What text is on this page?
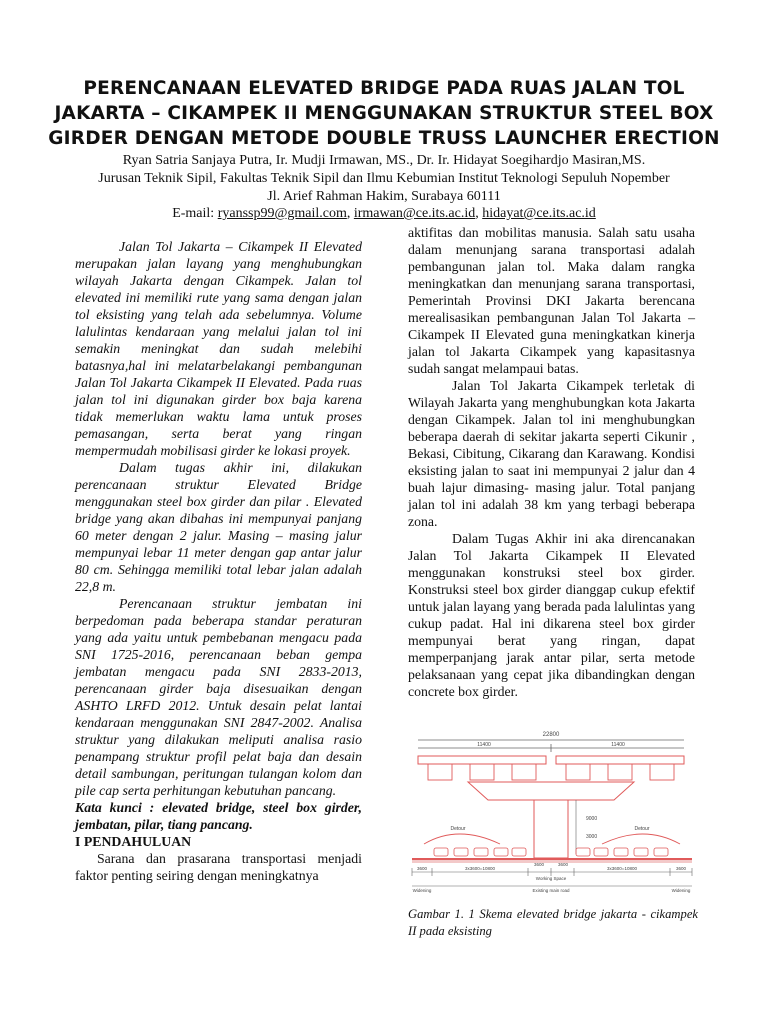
PERENCANAAN ELEVATED BRIDGE PADA RUAS JALAN TOL
JAKARTA – CIKAMPEK II MENGGUNAKAN STRUKTUR STEEL BOX
GIRDER DENGAN METODE DOUBLE TRUSS LAUNCHER ERECTION
Ryan Satria Sanjaya Putra, Ir. Mudji Irmawan, MS., Dr. Ir. Hidayat Soegihardjo Masiran,MS.
Jurusan Teknik Sipil, Fakultas Teknik Sipil dan Ilmu Kebumian Institut Teknologi Sepuluh Nopember
Jl. Arief Rahman Hakim, Surabaya 60111
E-mail: ryanssp99@gmail.com, irmawan@ce.its.ac.id, hidayat@ce.its.ac.id

Jalan Tol Jakarta – Cikampek II Elevated merupakan jalan layang yang menghubungkan wilayah Jakarta dengan Cikampek. Jalan tol elevated ini memiliki rute yang sama dengan jalan tol eksisting yang telah ada sebelumnya. Volume lalulintas kendaraan yang melalui jalan tol ini semakin meningkat dan sudah melebihi batasnya,hal ini melatarbelakangi pembangunan Jalan Tol Jakarta Cikampek II Elevated. Pada ruas jalan tol ini digunakan girder box baja karena tidak memerlukan waktu lama untuk proses pemasangan, serta berat yang ringan mempermudah mobilisasi girder ke lokasi proyek.

Dalam tugas akhir ini, dilakukan perencanaan struktur Elevated Bridge menggunakan steel box girder dan pilar . Elevated bridge yang akan dibahas ini mempunyai panjang 60 meter dengan 2 jalur. Masing – masing jalur mempunyai lebar 11 meter dengan gap antar jalur 80 cm. Sehingga memiliki total lebar jalan adalah 22,8 m.

Perencanaan struktur jembatan ini berpedoman pada beberapa standar peraturan yang ada yaitu untuk pembebanan mengacu pada SNI 1725-2016, perencanaan beban gempa jembatan mengacu pada SNI 2833-2013, perencanaan girder baja disesuaikan dengan ASHTO LRFD 2012. Untuk desain pelat lantai kendaraan menggunakan SNI 2847-2002. Analisa struktur yang dilakukan meliputi analisa rasio penampang struktur profil pelat baja dan desain detail sambungan, peritungan tulangan kolom dan pile cap serta perhitungan kebutuhan pancang.

Kata kunci : elevated bridge, steel box girder, jembatan, pilar, tiang pancang.

I PENDAHULUAN

Sarana dan prasarana transportasi menjadi faktor penting seiring dengan meningkatnya

aktifitas dan mobilitas manusia. Salah satu usaha dalam menunjang sarana transportasi adalah pembangunan jalan tol. Maka dalam rangka meningkatkan dan menunjang sarana transportasi, Pemerintah Provinsi DKI Jakarta berencana merealisasikan pembangunan Jalan Tol Jakarta – Cikampek II Elevated guna meningkatkan kinerja jalan tol Jakarta Cikampek yang kapasitasnya sudah sangat melampaui batas.

Jalan Tol Jakarta Cikampek terletak di Wilayah Jakarta yang menghubungkan kota Jakarta dengan Cikampek. Jalan tol ini menghubungkan beberapa daerah di sekitar jakarta seperti Cikunir , Bekasi, Cibitung, Cikarang dan Karawang. Kondisi eksisting jalan to saat ini mempunyai 2 jalur dan 4 buah lajur dimasing- masing jalur. Total panjang jalan tol ini adalah 38 km yang terbagi beberapa zona.

Dalam Tugas Akhir ini aka direncanakan Jalan Tol Jakarta Cikampek II Elevated menggunakan konstruksi steel box girder. Konstruksi steel box girder dianggap cukup efektif untuk jalan layang yang berada pada lalulintas yang cukup padat. Hal ini dikarena steel box girder mempunyai berat yang ringan, dapat memperpanjang jarak antar pilar, serta metode pelaksanaan yang cepat jika dibandingkan dengan concrete box girder.

22800
11400	11400
9000
3000
Detour	Detour
3600	3x3600=10800
3600	3600
3x3600=10800	3600
Working Space
Widening	Existing main road	Widening
Gambar 1. 1 Skema elevated bridge jakarta - cikampek II pada eksisting
